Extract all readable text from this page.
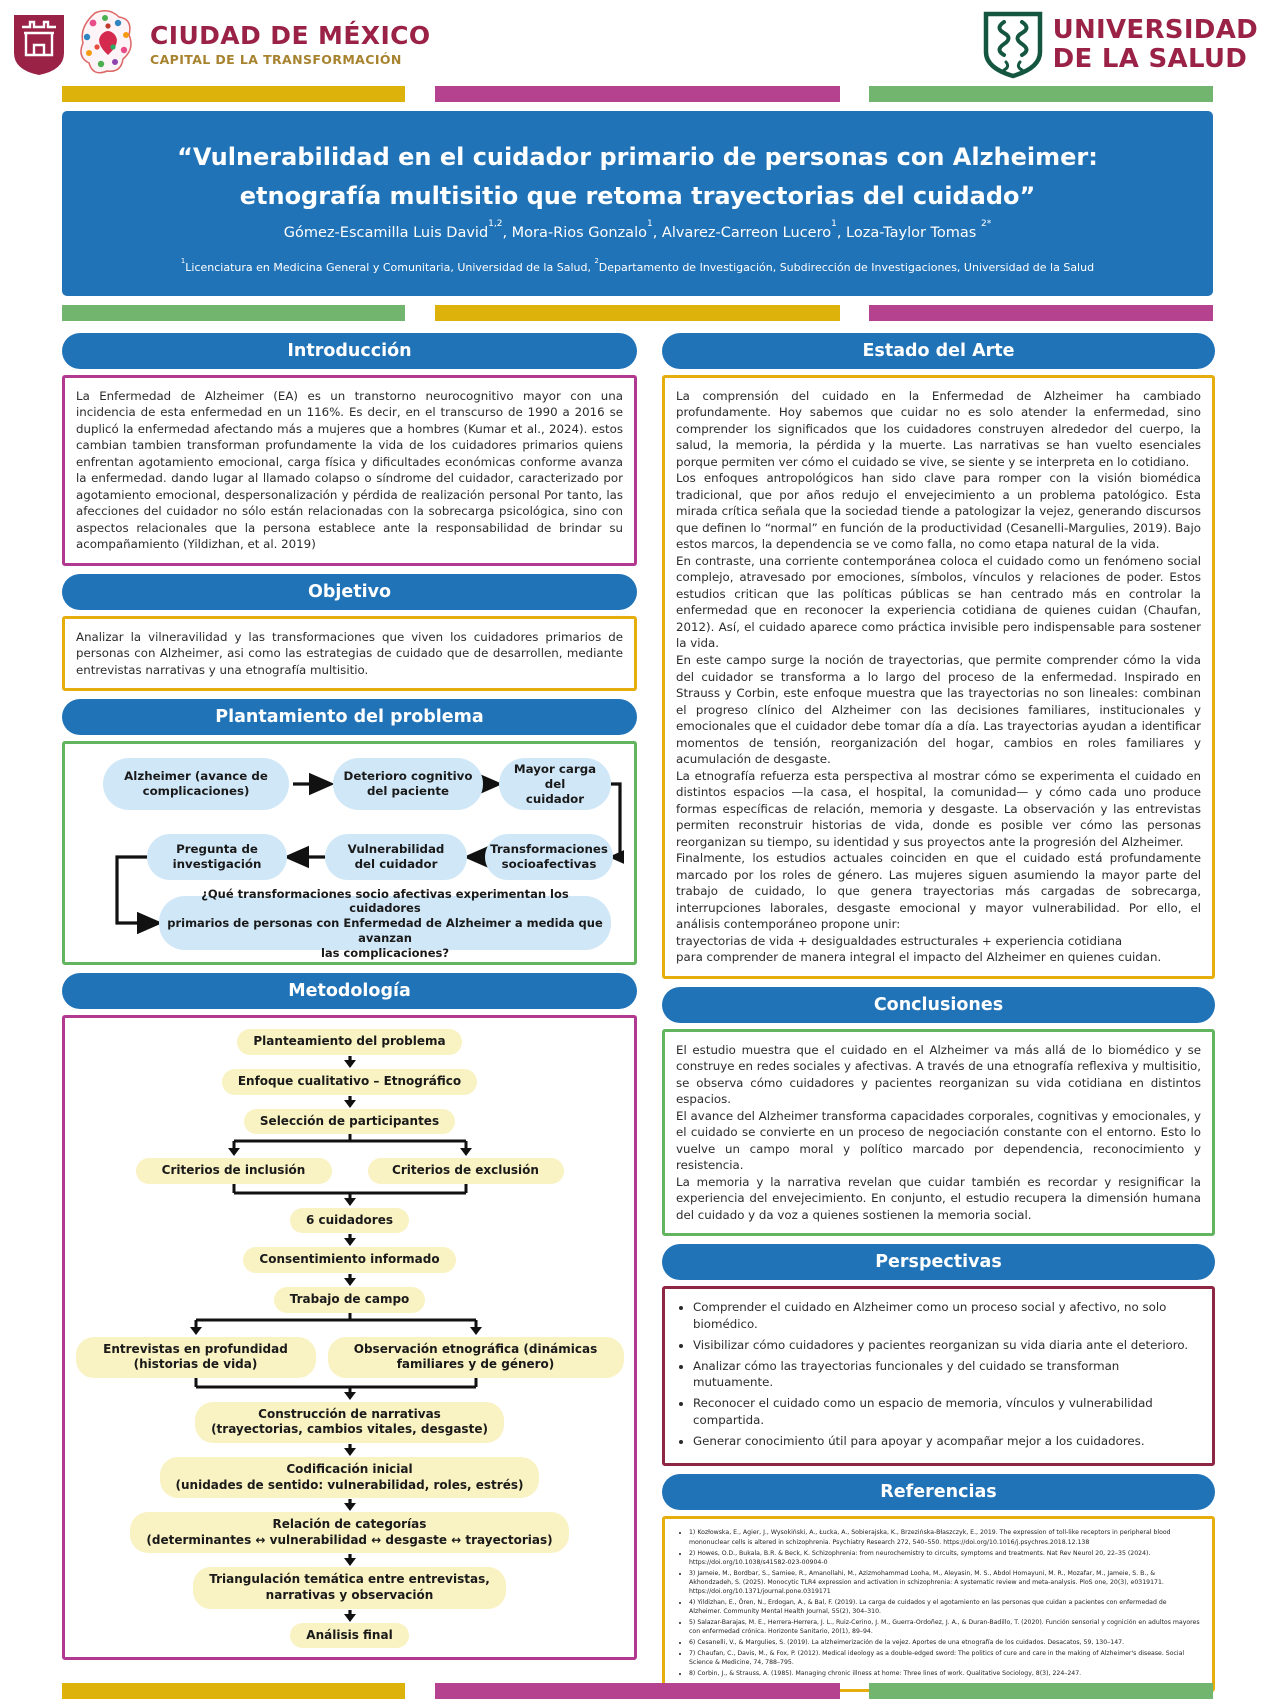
CIUDAD DE MÉXICO
CAPITAL DE LA TRANSFORMACIÓN
UNIVERSIDAD
DE LA SALUD
“Vulnerabilidad en el cuidador primario de personas con Alzheimer: etnografía multisitio que retoma trayectorias del cuidado”
Gómez-Escamilla Luis David$^{1,2}$, Mora-Rios Gonzalo$^1$, Alvarez-Carreon Lucero$^1$, Loza-Taylor Tomas $^{2*}$
$^1$Licenciatura en Medicina General y Comunitaria, Universidad de la Salud, $^2$Departamento de Investigación, Subdirección de Investigaciones, Universidad de la Salud
Introducción

La Enfermedad de Alzheimer (EA) es un transtorno neurocognitivo mayor con una incidencia de esta enfermedad en un 116%. Es decir, en el transcurso de 1990 a 2016 se duplicó la enfermedad afectando más a mujeres que a hombres (Kumar et al., 2024). estos cambian tambien transforman profundamente la vida de los cuidadores primarios quiens enfrentan agotamiento emocional, carga física y dificultades económicas conforme avanza la enfermedad. dando lugar al llamado colapso o síndrome del cuidador, caracterizado por agotamiento emocional, despersonalización y pérdida de realización personal Por tanto, las afecciones del cuidador no sólo están relacionadas con la sobrecarga psicológica, sino con aspectos relacionales que la persona establece ante la responsabilidad de brindar su acompañamiento (Yildizhan, et al. 2019)

Objetivo

Analizar la vilneravilidad y las transformaciones que viven los cuidadores primarios de personas con Alzheimer, asi como las estrategias de cuidado que de desarrollen, mediante entrevistas narrativas y una etnografía multisitio.

Plantamiento del problema
Alzheimer (avance de
complicaciones)
Deterioro cognitivo
del paciente
Mayor carga del
cuidador
Pregunta de
investigación
Vulnerabilidad
del cuidador
Transformaciones
socioafectivas
¿Qué transformaciones socio afectivas experimentan los cuidadores
primarios de personas con Enfermedad de Alzheimer a medida que avanzan
las complicaciones?
Metodología
Planteamiento del problema
Enfoque cualitativo – Etnográfico
Selección de participantes
Criterios de inclusión	Criterios de exclusión
6 cuidadores
Consentimiento informado
Trabajo de campo
Entrevistas en profundidad
(historias de vida)
Observación etnográfica (dinámicas
familiares y de género)
Construcción de narrativas
(trayectorias, cambios vitales, desgaste)
Codificación inicial
(unidades de sentido: vulnerabilidad, roles, estrés)
Relación de categorías
(determinantes ↔ vulnerabilidad ↔ desgaste ↔ trayectorias)
Triangulación temática entre entrevistas,
narrativas y observación
Análisis final
Estado del Arte

La comprensión del cuidado en la Enfermedad de Alzheimer ha cambiado profundamente. Hoy sabemos que cuidar no es solo atender la enfermedad, sino comprender los significados que los cuidadores construyen alrededor del cuerpo, la salud, la memoria, la pérdida y la muerte. Las narrativas se han vuelto esenciales porque permiten ver cómo el cuidado se vive, se siente y se interpreta en lo cotidiano.

Los enfoques antropológicos han sido clave para romper con la visión biomédica tradicional, que por años redujo el envejecimiento a un problema patológico. Esta mirada crítica señala que la sociedad tiende a patologizar la vejez, generando discursos que definen lo “normal” en función de la productividad (Cesanelli-Margulies, 2019). Bajo estos marcos, la dependencia se ve como falla, no como etapa natural de la vida.

En contraste, una corriente contemporánea coloca el cuidado como un fenómeno social complejo, atravesado por emociones, símbolos, vínculos y relaciones de poder. Estos estudios critican que las políticas públicas se han centrado más en controlar la enfermedad que en reconocer la experiencia cotidiana de quienes cuidan (Chaufan, 2012). Así, el cuidado aparece como práctica invisible pero indispensable para sostener la vida.

En este campo surge la noción de trayectorias, que permite comprender cómo la vida del cuidador se transforma a lo largo del proceso de la enfermedad. Inspirado en Strauss y Corbin, este enfoque muestra que las trayectorias no son lineales: combinan el progreso clínico del Alzheimer con las decisiones familiares, institucionales y emocionales que el cuidador debe tomar día a día. Las trayectorias ayudan a identificar momentos de tensión, reorganización del hogar, cambios en roles familiares y acumulación de desgaste.

La etnografía refuerza esta perspectiva al mostrar cómo se experimenta el cuidado en distintos espacios —la casa, el hospital, la comunidad— y cómo cada uno produce formas específicas de relación, memoria y desgaste. La observación y las entrevistas permiten reconstruir historias de vida, donde es posible ver cómo las personas reorganizan su tiempo, su identidad y sus proyectos ante la progresión del Alzheimer.

Finalmente, los estudios actuales coinciden en que el cuidado está profundamente marcado por los roles de género. Las mujeres siguen asumiendo la mayor parte del trabajo de cuidado, lo que genera trayectorias más cargadas de sobrecarga, interrupciones laborales, desgaste emocional y mayor vulnerabilidad. Por ello, el análisis contemporáneo propone unir:

trayectorias de vida + desigualdades estructurales + experiencia cotidiana

para comprender de manera integral el impacto del Alzheimer en quienes cuidan.

Conclusiones

El estudio muestra que el cuidado en el Alzheimer va más allá de lo biomédico y se construye en redes sociales y afectivas. A través de una etnografía reflexiva y multisitio, se observa cómo cuidadores y pacientes reorganizan su vida cotidiana en distintos espacios.

El avance del Alzheimer transforma capacidades corporales, cognitivas y emocionales, y el cuidado se convierte en un proceso de negociación constante con el entorno. Esto lo vuelve un campo moral y político marcado por dependencia, reconocimiento y resistencia.

La memoria y la narrativa revelan que cuidar también es recordar y resignificar la experiencia del envejecimiento. En conjunto, el estudio recupera la dimensión humana del cuidado y da voz a quienes sostienen la memoria social.

Perspectivas
• Comprender el cuidado en Alzheimer como un proceso social y afectivo, no solo biomédico.
• Visibilizar cómo cuidadores y pacientes reorganizan su vida diaria ante el deterioro.
• Analizar cómo las trayectorias funcionales y del cuidado se transforman mutuamente.
• Reconocer el cuidado como un espacio de memoria, vínculos y vulnerabilidad compartida.
• Generar conocimiento útil para apoyar y acompañar mejor a los cuidadores.
Referencias
• 1) Kozłowska, E., Agier, J., Wysokiński, A., Łucka, A., Sobierajska, K., Brzezińska-Błaszczyk, E., 2019. The expression of toll-like receptors in peripheral blood mononuclear cells is altered in schizophrenia. Psychiatry Research 272, 540–550. https://doi.org/10.1016/j.psychres.2018.12.138
• 2) Howes, O.D., Bukala, B.R. & Beck, K. Schizophrenia: from neurochemistry to circuits, symptoms and treatments. Nat Rev Neurol 20, 22–35 (2024). https://doi.org/10.1038/s41582-023-00904-0
• 3) Jameie, M., Bordbar, S., Samiee, R., Amanollahi, M., Azizmohammad Looha, M., Aleyasin, M. S., Abdol Homayuni, M. R., Mozafar, M., Jameie, S. B., & Akhondzadeh, S. (2025). Monocytic TLR4 expression and activation in schizophrenia: A systematic review and meta-analysis. PloS one, 20(3), e0319171. https://doi.org/10.1371/journal.pone.0319171
• 4) Yildizhan, E., Ören, N., Erdogan, A., & Bal, F. (2019). La carga de cuidados y el agotamiento en las personas que cuidan a pacientes con enfermedad de Alzheimer. Community Mental Health Journal, 55(2), 304–310.
• 5) Salazar-Barajas, M. E., Herrera-Herrera, J. L., Ruiz-Cerino, J. M., Guerra-Ordoñez, J. A., & Duran-Badillo, T. (2020). Función sensorial y cognición en adultos mayores con enfermedad crónica. Horizonte Sanitario, 20(1), 89–94.
• 6) Cesanelli, V., & Margulies, S. (2019). La alzheimerización de la vejez. Aportes de una etnografía de los cuidados. Desacatos, 59, 130–147.
• 7) Chaufan, C., Davis, M., & Fox, P. (2012). Medical ideology as a double-edged sword: The politics of cure and care in the making of Alzheimer's disease. Social Science & Medicine, 74, 788–795.
• 8) Corbin, J., & Strauss, A. (1985). Managing chronic illness at home: Three lines of work. Qualitative Sociology, 8(3), 224–247.
